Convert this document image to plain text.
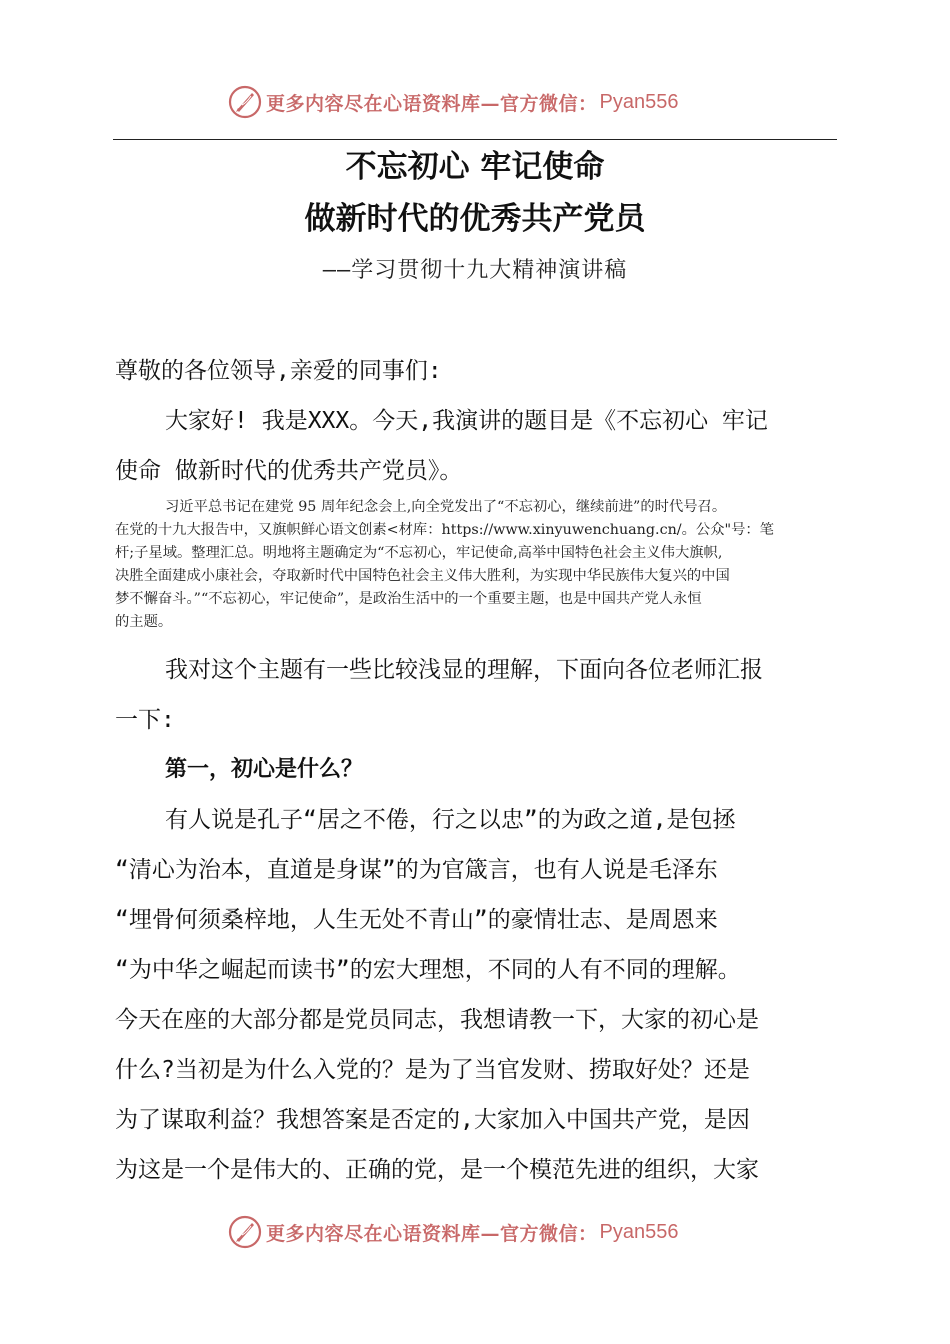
更多内容尽在心语资料库—官方微信： Pyan556
不忘初心 牢记使命
做新时代的优秀共产党员
——学习贯彻十九大精神演讲稿
尊敬的各位领导,亲爱的同事们:
大家好! 我是XXX。今天,我演讲的题目是《不忘初心 牢记
使命 做新时代的优秀共产党员》。
习近平总书记在建党 95 周年纪念会上,向全党发出了“不忘初心，继续前进”的时代号召。
在党的十九大报告中，又旗帜鲜心语文创素<材库：https://www.xinyuwenchuang.cn/。公众"号：笔
杆;子星域。整理汇总。明地将主题确定为“不忘初心，牢记使命,高举中国特色社会主义伟大旗帜,
决胜全面建成小康社会，夺取新时代中国特色社会主义伟大胜利，为实现中华民族伟大复兴的中国
梦不懈奋斗。”“不忘初心，牢记使命”，是政治生活中的一个重要主题，也是中国共产党人永恒
的主题。
我对这个主题有一些比较浅显的理解，下面向各位老师汇报
一下:
第一，初心是什么？
有人说是孔子“居之不倦，行之以忠”的为政之道,是包拯
“清心为治本，直道是身谋”的为官箴言，也有人说是毛泽东
“埋骨何须桑梓地，人生无处不青山”的豪情壮志、是周恩来
“为中华之崛起而读书”的宏大理想，不同的人有不同的理解。
今天在座的大部分都是党员同志，我想请教一下，大家的初心是
什么?当初是为什么入党的？是为了当官发财、捞取好处？还是
为了谋取利益？我想答案是否定的,大家加入中国共产党，是因
为这是一个是伟大的、正确的党，是一个模范先进的组织，大家
更多内容尽在心语资料库—官方微信： Pyan556
